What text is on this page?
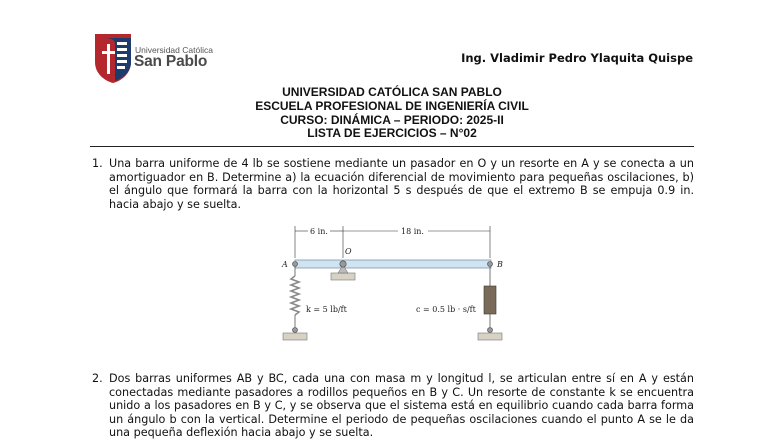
Universidad Católica
San Pablo	Ing. Vladimir Pedro Ylaquita Quispe
UNIVERSIDAD CATÓLICA SAN PABLO
ESCUELA PROFESIONAL DE INGENIERÍA CIVIL
CURSO: DINÁMICA – PERIODO: 2025-II
LISTA DE EJERCICIOS – N°02
1. Una barra uniforme de 4 lb se sostiene mediante un pasador en O y un resorte en A y se conecta a un amortiguador en B. Determine a) la ecuación diferencial de movimiento para pequeñas oscilaciones, b) el ángulo que formará la barra con la horizontal 5 s después de que el extremo B se empuja 0.9 in. hacia abajo y se suelta.
6 in.	18 in.
O
A	B
k = 5 lb/ft	c = 0.5 lb · s/ft
2. Dos barras uniformes AB y BC, cada una con masa m y longitud l, se articulan entre sí en A y están conectadas mediante pasadores a rodillos pequeños en B y C. Un resorte de constante k se encuentra unido a los pasadores en B y C, y se observa que el sistema está en equilibrio cuando cada barra forma un ángulo b con la vertical. Determine el periodo de pequeñas oscilaciones cuando el punto A se le da una pequeña deflexión hacia abajo y se suelta.
